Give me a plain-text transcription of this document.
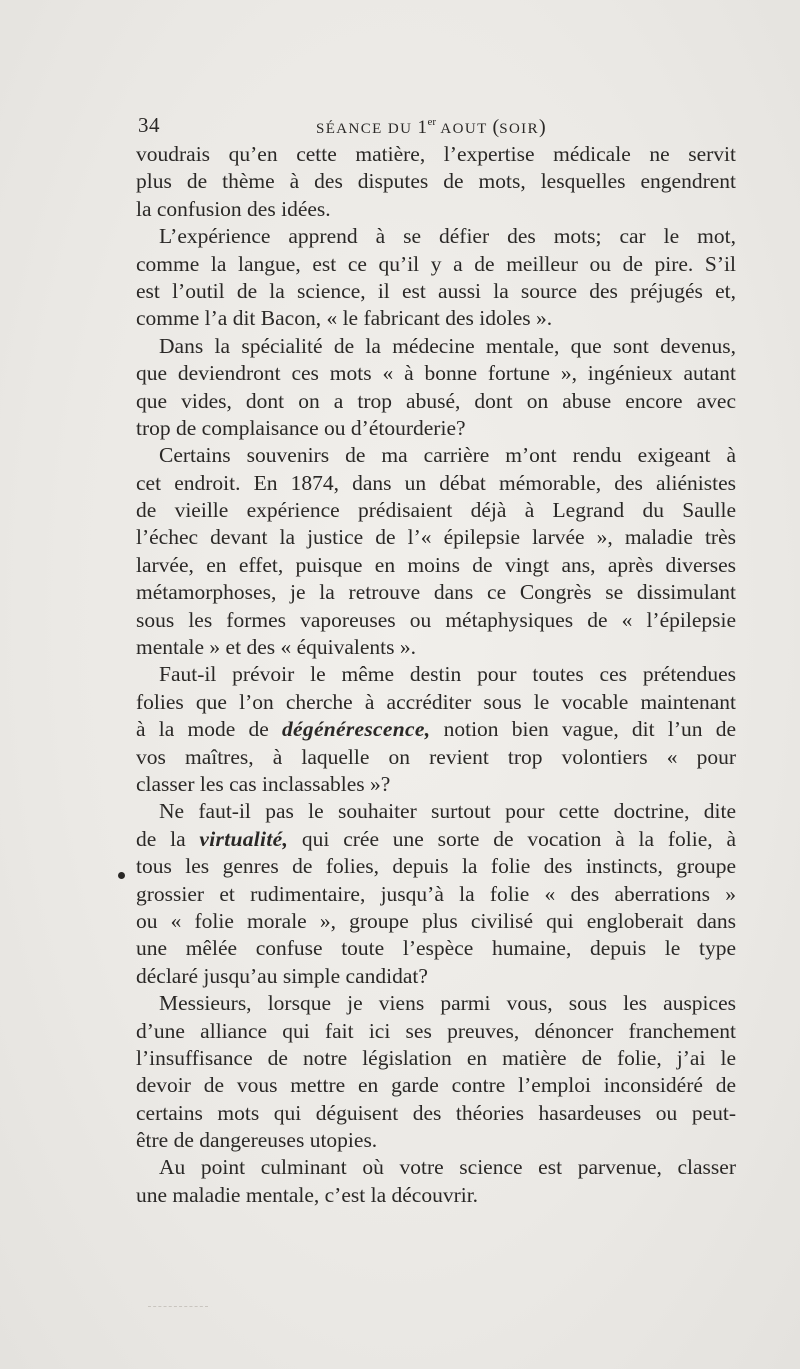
34	SÉANCE DU 1er AOUT (SOIR)
voudrais qu’en cette matière, l’expertise médicale ne servit
plus de thème à des disputes de mots, lesquelles engendrent
la confusion des idées.
L’expérience apprend à se défier des mots; car le mot,
comme la langue, est ce qu’il y a de meilleur ou de pire. S’il
est l’outil de la science, il est aussi la source des préjugés et,
comme l’a dit Bacon, « le fabricant des idoles ».
Dans la spécialité de la médecine mentale, que sont devenus,
que deviendront ces mots « à bonne fortune », ingénieux autant
que vides, dont on a trop abusé, dont on abuse encore avec
trop de complaisance ou d’étourderie?
Certains souvenirs de ma carrière m’ont rendu exigeant à
cet endroit. En 1874, dans un débat mémorable, des aliénistes
de vieille expérience prédisaient déjà à Legrand du Saulle
l’échec devant la justice de l’« épilepsie larvée », maladie très
larvée, en effet, puisque en moins de vingt ans, après diverses
métamorphoses, je la retrouve dans ce Congrès se dissimulant
sous les formes vaporeuses ou métaphysiques de « l’épilepsie
mentale » et des « équivalents ».
Faut-il prévoir le même destin pour toutes ces prétendues
folies que l’on cherche à accréditer sous le vocable maintenant
à la mode de dégénérescence, notion bien vague, dit l’un de
vos maîtres, à laquelle on revient trop volontiers « pour
classer les cas inclassables »?
Ne faut-il pas le souhaiter surtout pour cette doctrine, dite
de la virtualité, qui crée une sorte de vocation à la folie, à
tous les genres de folies, depuis la folie des instincts, groupe
grossier et rudimentaire, jusqu’à la folie « des aberrations »
ou « folie morale », groupe plus civilisé qui engloberait dans
une mêlée confuse toute l’espèce humaine, depuis le type
déclaré jusqu’au simple candidat?
Messieurs, lorsque je viens parmi vous, sous les auspices
d’une alliance qui fait ici ses preuves, dénoncer franchement
l’insuffisance de notre législation en matière de folie, j’ai le
devoir de vous mettre en garde contre l’emploi inconsidéré de
certains mots qui déguisent des théories hasardeuses ou peut-
être de dangereuses utopies.
Au point culminant où votre science est parvenue, classer
une maladie mentale, c’est la découvrir.
